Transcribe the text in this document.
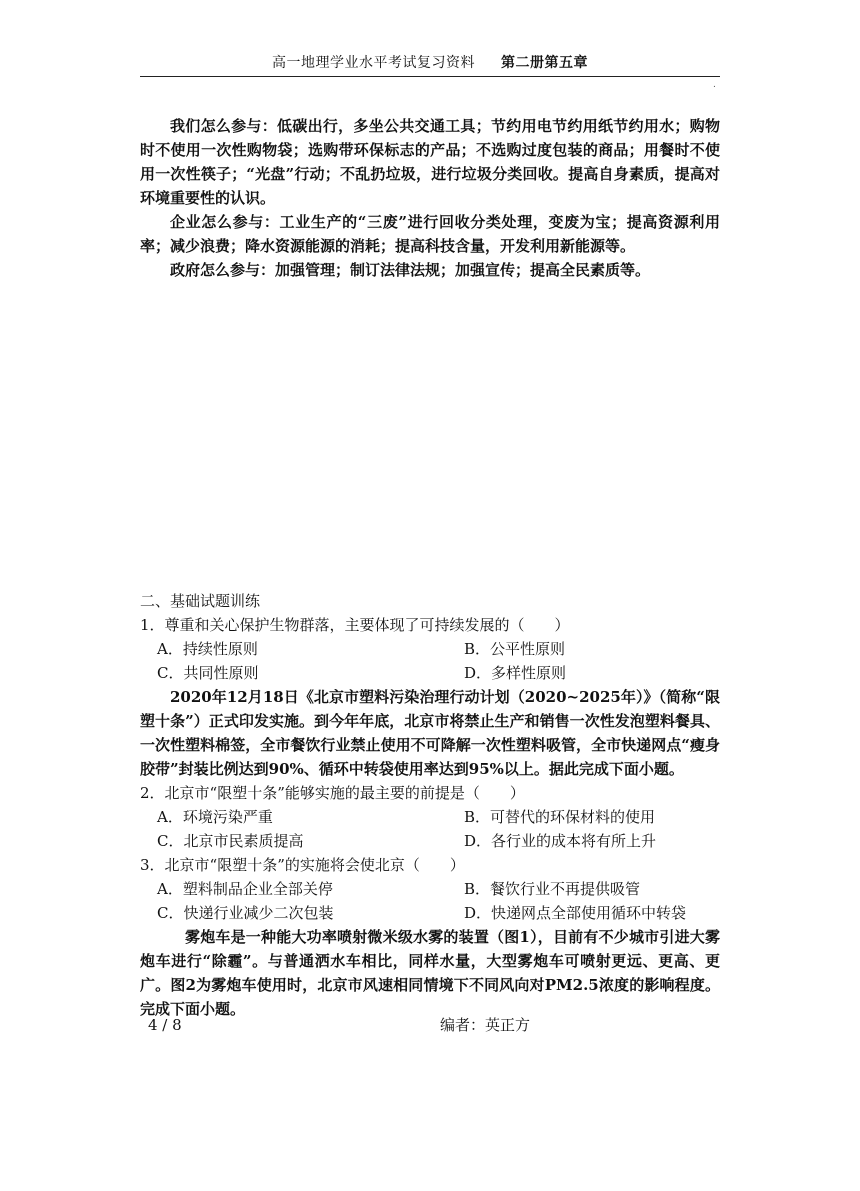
高一地理学业水平考试复习资料 第二册第五章
.

我们怎么参与：低碳出行，多坐公共交通工具；节约用电节约用纸节约用水；购物时不使用一次性购物袋；选购带环保标志的产品；不选购过度包装的商品；用餐时不使用一次性筷子；“光盘”行动；不乱扔垃圾，进行垃圾分类回收。提高自身素质，提高对环境重要性的认识。

企业怎么参与：工业生产的“三废”进行回收分类处理，变废为宝；提高资源利用率；减少浪费；降水资源能源的消耗；提高科技含量，开发利用新能源等。

政府怎么参与：加强管理；制订法律法规；加强宣传；提高全民素质等。

二、基础试题训练

1．尊重和关心保护生物群落，主要体现了可持续发展的（　　）

A．持续性原则	B．公平性原则
C．共同性原则	D．多样性原则

2020年12月18日《北京市塑料污染治理行动计划（2020~2025年）》（简称“限塑十条”）正式印发实施。到今年年底，北京市将禁止生产和销售一次性发泡塑料餐具、一次性塑料棉签，全市餐饮行业禁止使用不可降解一次性塑料吸管，全市快递网点“瘦身胶带”封装比例达到90%、循环中转袋使用率达到95%以上。据此完成下面小题。

2．北京市“限塑十条”能够实施的最主要的前提是（　　）

A．环境污染严重	B．可替代的环保材料的使用
C．北京市民素质提高	D．各行业的成本将有所上升

3．北京市“限塑十条”的实施将会使北京（　　）

A．塑料制品企业全部关停	B．餐饮行业不再提供吸管
C．快递行业减少二次包装	D．快递网点全部使用循环中转袋

雾炮车是一种能大功率喷射微米级水雾的装置（图1），目前有不少城市引进大雾炮车进行“除霾”。与普通洒水车相比，同样水量，大型雾炮车可喷射更远、更高、更广。图2为雾炮车使用时，北京市风速相同情境下不同风向对PM2.5浓度的影响程度。完成下面小题。

4 / 8	编者：英正方
